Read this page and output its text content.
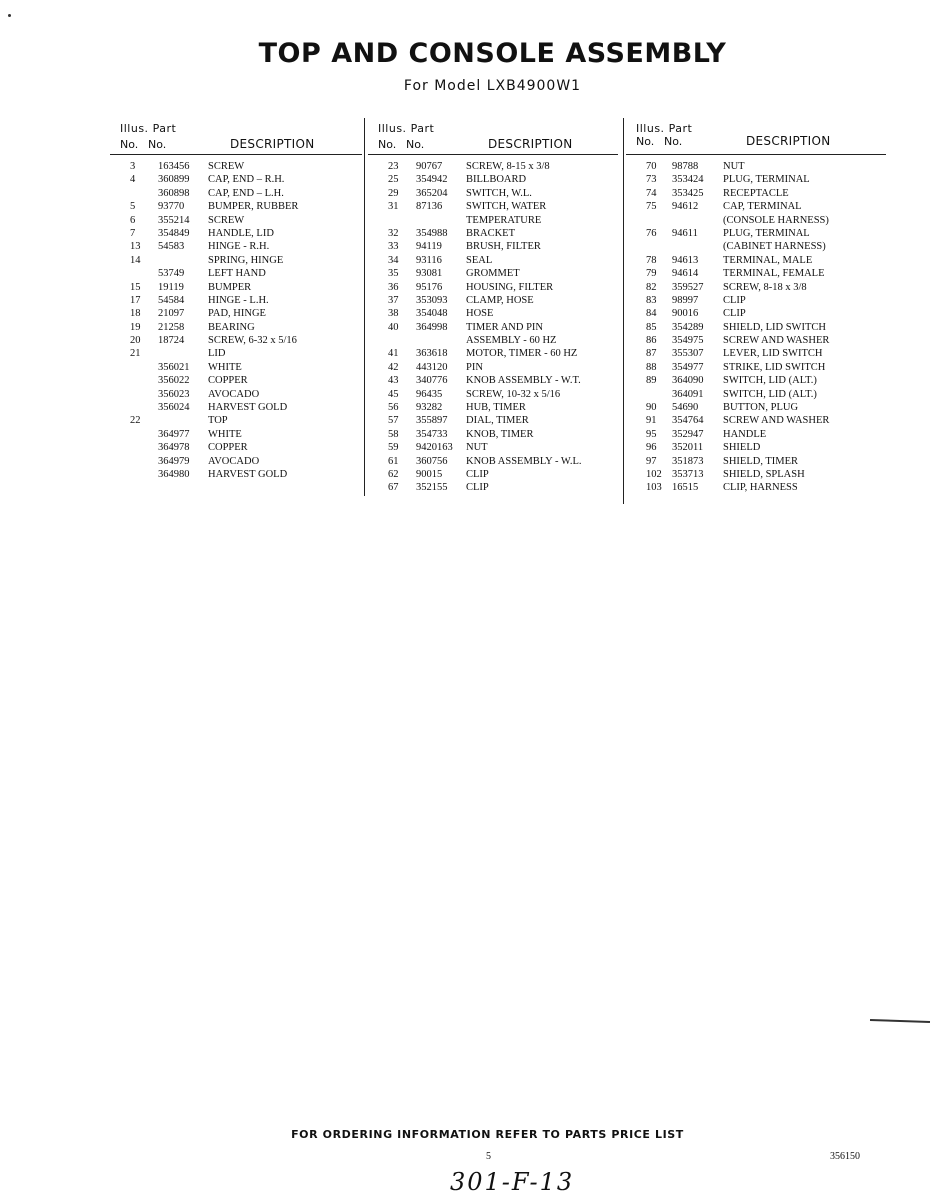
TOP AND CONSOLE ASSEMBLY
For Model LXB4900W1
Illus. Part
No. No.	DESCRIPTION
3 163456 SCREW
4 360899 CAP, END – R.H.
360898 CAP, END – L.H.
5 93770 BUMPER, RUBBER
6 355214 SCREW
7 354849 HANDLE, LID
13 54583 HINGE - R.H.
14	SPRING, HINGE
53749 LEFT HAND
15 19119 BUMPER
17 54584 HINGE - L.H.
18 21097 PAD, HINGE
19 21258 BEARING
20 18724 SCREW, 6-32 x 5/16
21	LID
356021 WHITE
356022 COPPER
356023 AVOCADO
356024 HARVEST GOLD
22	TOP
364977 WHITE
364978 COPPER
364979 AVOCADO
364980 HARVEST GOLD
Illus. Part
No. No.	DESCRIPTION
23 90767 SCREW, 8-15 x 3/8
25 354942 BILLBOARD
29 365204 SWITCH, W.L.
31 87136 SWITCH, WATER
TEMPERATURE
32 354988 BRACKET
33 94119 BRUSH, FILTER
34 93116 SEAL
35 93081 GROMMET
36 95176 HOUSING, FILTER
37 353093 CLAMP, HOSE
38 354048 HOSE
40 364998 TIMER AND PIN
ASSEMBLY - 60 HZ
41 363618 MOTOR, TIMER - 60 HZ
42 443120 PIN
43 340776 KNOB ASSEMBLY - W.T.
45 96435 SCREW, 10-32 x 5/16
56 93282 HUB, TIMER
57 355897 DIAL, TIMER
58 354733 KNOB, TIMER
59 9420163 NUT
61 360756 KNOB ASSEMBLY - W.L.
62 90015 CLIP
67 352155 CLIP
Illus. Part
No. No.	DESCRIPTION
70 98788 NUT
73 353424 PLUG, TERMINAL
74 353425 RECEPTACLE
75 94612 CAP, TERMINAL
(CONSOLE HARNESS)
76 94611 PLUG, TERMINAL
(CABINET HARNESS)
78 94613 TERMINAL, MALE
79 94614 TERMINAL, FEMALE
82 359527 SCREW, 8-18 x 3/8
83 98997 CLIP
84 90016 CLIP
85 354289 SHIELD, LID SWITCH
86 354975 SCREW AND WASHER
87 355307 LEVER, LID SWITCH
88 354977 STRIKE, LID SWITCH
89 364090 SWITCH, LID (ALT.)
364091 SWITCH, LID (ALT.)
90 54690 BUTTON, PLUG
91 354764 SCREW AND WASHER
95 352947 HANDLE
96 352011 SHIELD
97 351873 SHIELD, TIMER
102 353713 SHIELD, SPLASH
103 16515 CLIP, HARNESS
FOR ORDERING INFORMATION REFER TO PARTS PRICE LIST
5	356150
301-F-13
